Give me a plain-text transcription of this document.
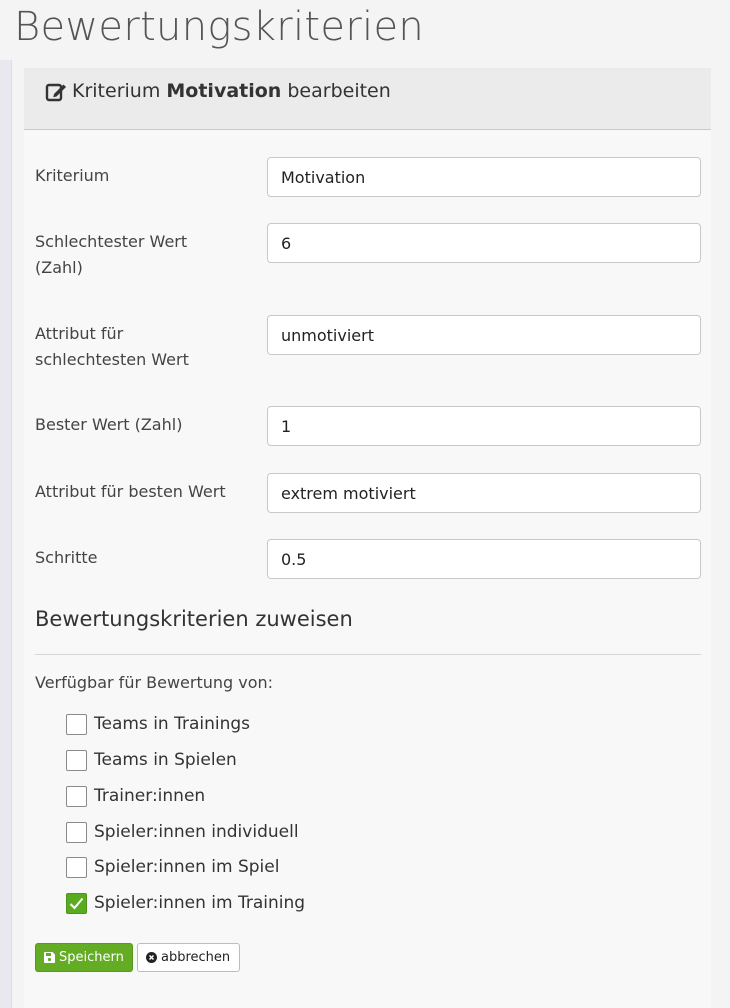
Bewertungskriterien
Kriterium Motivation bearbeiten
Kriterium
Motivation
Schlechtester Wert
(Zahl)
6
Attribut für
schlechtesten Wert
unmotiviert
Bester Wert (Zahl)
1
Attribut für besten Wert
extrem motiviert
Schritte
0.5
Bewertungskriterien zuweisen
Verfügbar für Bewertung von:
Teams in Trainings
Teams in Spielen
Trainer:innen
Spieler:innen individuell
Spieler:innen im Spiel
Spieler:innen im Training
Speichern	abbrechen
